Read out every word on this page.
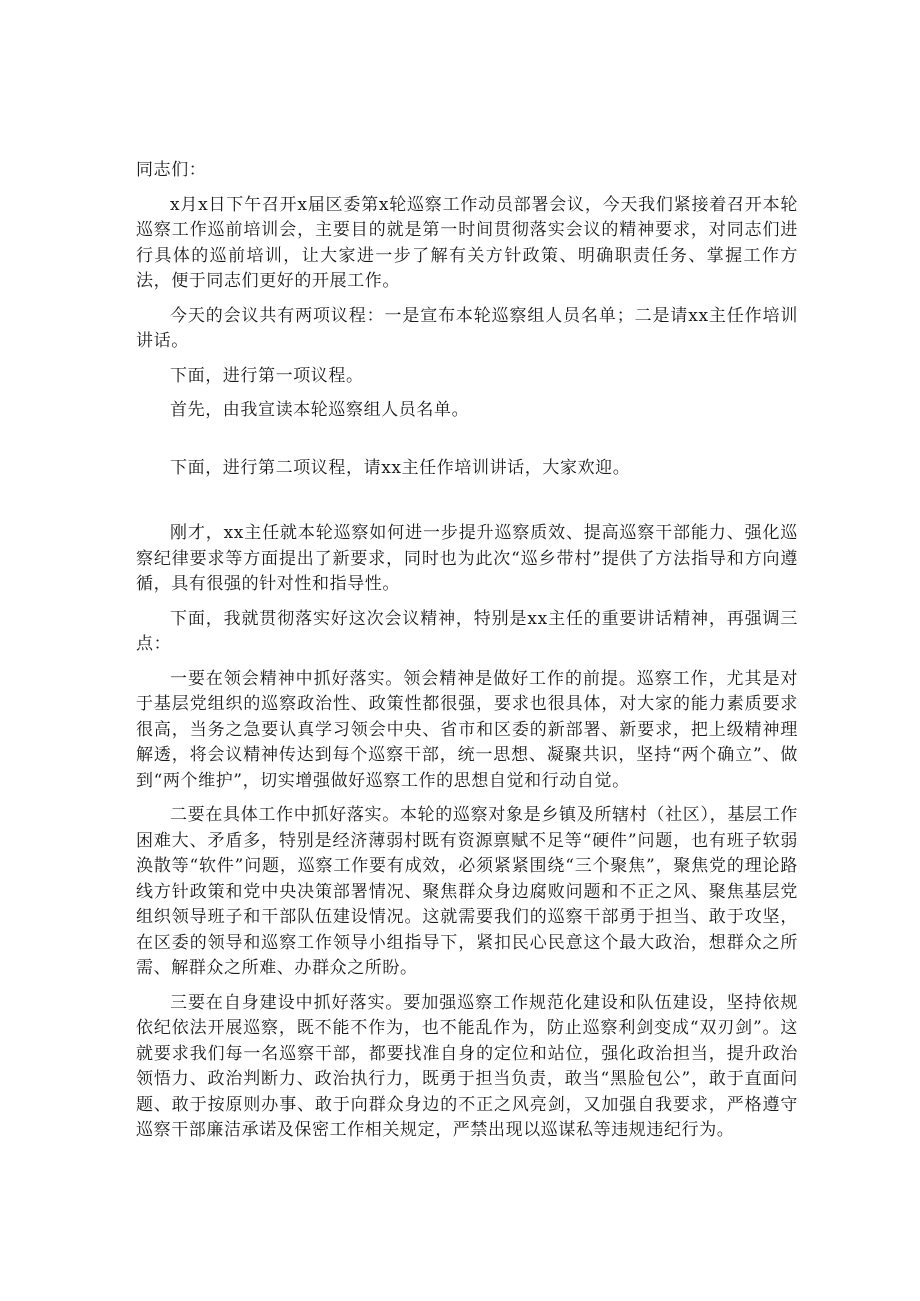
同志们：

x月x日下午召开x届区委第x轮巡察工作动员部署会议，今天我们紧接着召开本轮巡察工作巡前培训会，主要目的就是第一时间贯彻落实会议的精神要求，对同志们进行具体的巡前培训，让大家进一步了解有关方针政策、明确职责任务、掌握工作方法，便于同志们更好的开展工作。

今天的会议共有两项议程：一是宣布本轮巡察组人员名单；二是请xx主任作培训讲话。

下面，进行第一项议程。

首先，由我宣读本轮巡察组人员名单。

下面，进行第二项议程，请xx主任作培训讲话，大家欢迎。

刚才，xx主任就本轮巡察如何进一步提升巡察质效、提高巡察干部能力、强化巡察纪律要求等方面提出了新要求，同时也为此次“巡乡带村”提供了方法指导和方向遵循，具有很强的针对性和指导性。

下面，我就贯彻落实好这次会议精神，特别是xx主任的重要讲话精神，再强调三点：

一要在领会精神中抓好落实。领会精神是做好工作的前提。巡察工作，尤其是对于基层党组织的巡察政治性、政策性都很强，要求也很具体，对大家的能力素质要求很高，当务之急要认真学习领会中央、省市和区委的新部署、新要求，把上级精神理解透，将会议精神传达到每个巡察干部，统一思想、凝聚共识，坚持“两个确立”、做到“两个维护”，切实增强做好巡察工作的思想自觉和行动自觉。

二要在具体工作中抓好落实。本轮的巡察对象是乡镇及所辖村（社区），基层工作困难大、矛盾多，特别是经济薄弱村既有资源禀赋不足等“硬件”问题，也有班子软弱涣散等“软件”问题，巡察工作要有成效，必须紧紧围绕“三个聚焦”，聚焦党的理论路线方针政策和党中央决策部署情况、聚焦群众身边腐败问题和不正之风、聚焦基层党组织领导班子和干部队伍建设情况。这就需要我们的巡察干部勇于担当、敢于攻坚，在区委的领导和巡察工作领导小组指导下，紧扣民心民意这个最大政治，想群众之所需、解群众之所难、办群众之所盼。

三要在自身建设中抓好落实。要加强巡察工作规范化建设和队伍建设，坚持依规依纪依法开展巡察，既不能不作为，也不能乱作为，防止巡察利剑变成“双刃剑”。这就要求我们每一名巡察干部，都要找准自身的定位和站位，强化政治担当，提升政治领悟力、政治判断力、政治执行力，既勇于担当负责，敢当“黑脸包公”，敢于直面问题、敢于按原则办事、敢于向群众身边的不正之风亮剑，又加强自我要求，严格遵守巡察干部廉洁承诺及保密工作相关规定，严禁出现以巡谋私等违规违纪行为。
